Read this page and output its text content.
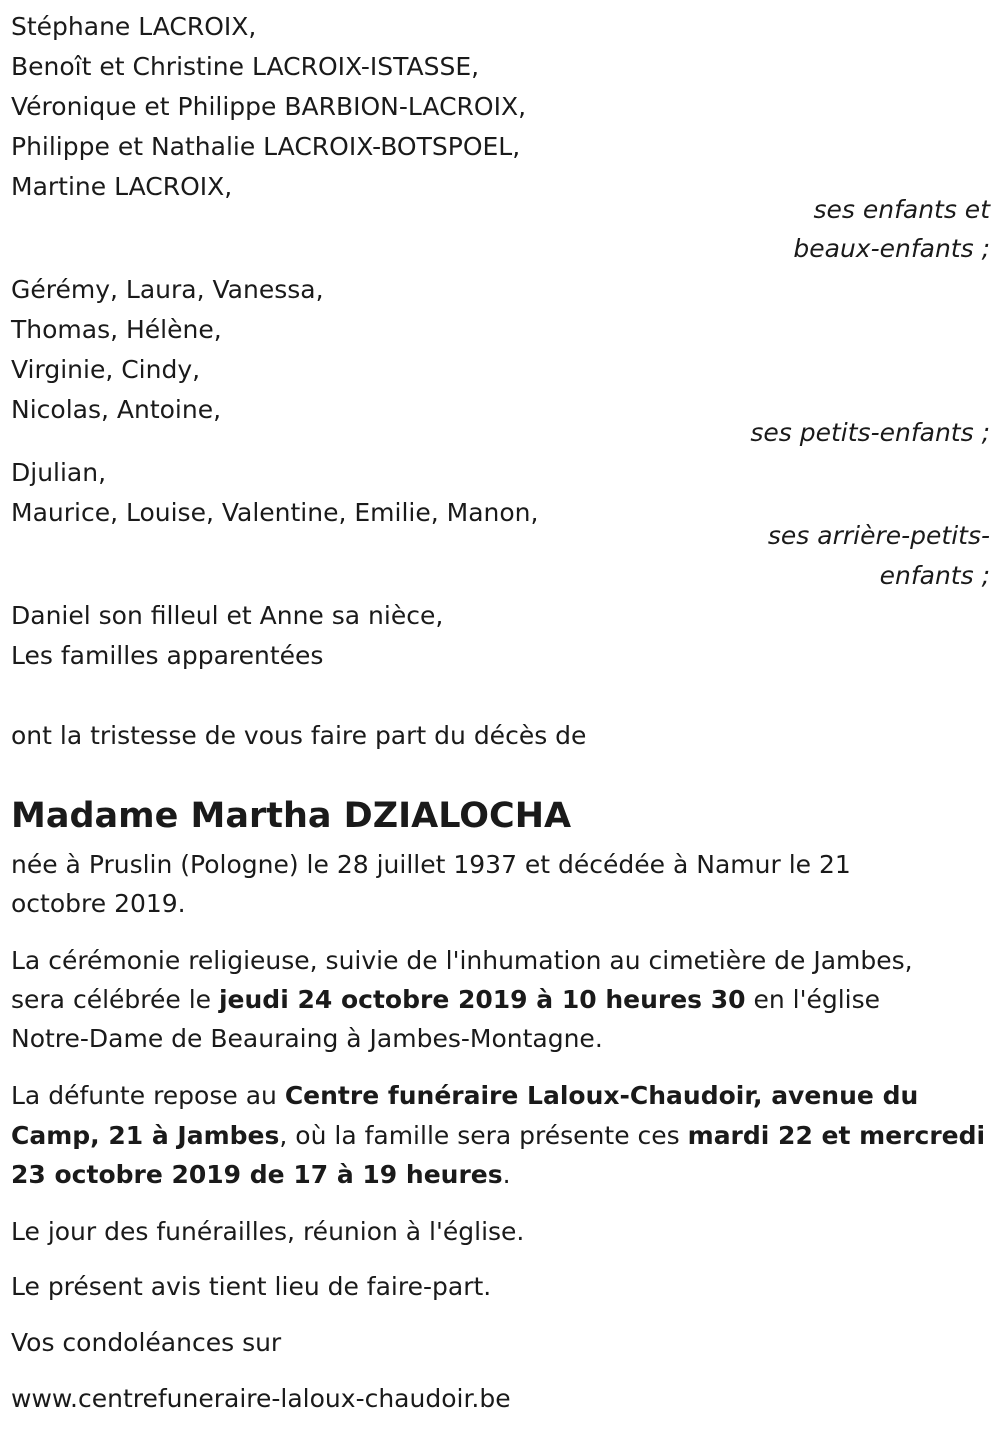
Stéphane LACROIX,
Benoît et Christine LACROIX-ISTASSE,
Véronique et Philippe BARBION-LACROIX,
Philippe et Nathalie LACROIX-BOTSPOEL,
Martine LACROIX,
ses enfants et
beaux-enfants ;
Gérémy, Laura, Vanessa,
Thomas, Hélène,
Virginie, Cindy,
Nicolas, Antoine,
ses petits-enfants ;
Djulian,
Maurice, Louise, Valentine, Emilie, Manon,
ses arrière-petits-
enfants ;
Daniel son filleul et Anne sa nièce,
Les familles apparentées
ont la tristesse de vous faire part du décès de
Madame Martha DZIALOCHA
née à Pruslin (Pologne) le 28 juillet 1937 et décédée à Namur le 21
octobre 2019.
La cérémonie religieuse, suivie de l'inhumation au cimetière de Jambes,
sera célébrée le jeudi 24 octobre 2019 à 10 heures 30 en l'église
Notre-Dame de Beauraing à Jambes-Montagne.
La défunte repose au Centre funéraire Laloux-Chaudoir, avenue du
Camp, 21 à Jambes, où la famille sera présente ces mardi 22 et mercredi
23 octobre 2019 de 17 à 19 heures.
Le jour des funérailles, réunion à l'église.
Le présent avis tient lieu de faire-part.
Vos condoléances sur
www.centrefuneraire-laloux-chaudoir.be
